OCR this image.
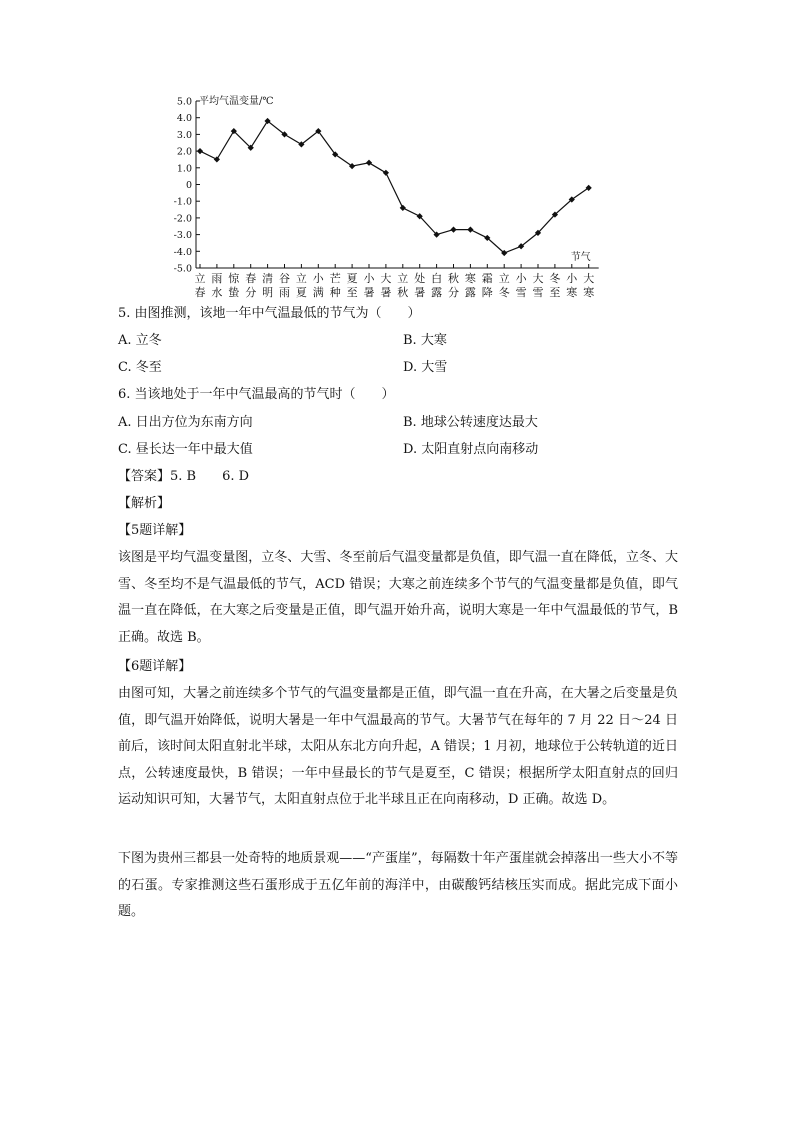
5.0
4.0
3.0
2.0
1.0
0
-1.0
-2.0
-3.0
-4.0
-5.0
立
春
雨
水
惊
蛰
春
分
清
明
谷
雨
立
夏
小
满
芒
种
夏
至
小
暑
大
暑
立
秋
处
暑
白
露
秋
分
寒
露
霜
降
立
冬
小
雪
大
雪
冬
至
小
寒
大
寒
平均气温变量/℃
节气
5. 由图推测，该地一年中气温最低的节气为（　　）
A. 立冬	B. 大寒
C. 冬至	D. 大雪
6. 当该地处于一年中气温最高的节气时（　　）
A. 日出方位为东南方向	B. 地球公转速度达最大
C. 昼长达一年中最大值	D. 太阳直射点向南移动
【答案】5. B　　6. D
【解析】
【5题详解】
该图是平均气温变量图，立冬、大雪、冬至前后气温变量都是负值，即气温一直在降低，立冬、大雪、冬至均不是气温最低的节气，ACD 错误；大寒之前连续多个节气的气温变量都是负值，即气温一直在降低，在大寒之后变量是正值，即气温开始升高，说明大寒是一年中气温最低的节气，B 正确。故选 B。
【6题详解】
由图可知，大暑之前连续多个节气的气温变量都是正值，即气温一直在升高，在大暑之后变量是负值，即气温开始降低，说明大暑是一年中气温最高的节气。大暑节气在每年的 7 月 22 日～24 日前后，该时间太阳直射北半球，太阳从东北方向升起，A 错误；1 月初，地球位于公转轨道的近日点，公转速度最快，B 错误；一年中昼最长的节气是夏至，C 错误；根据所学太阳直射点的回归运动知识可知，大暑节气，太阳直射点位于北半球且正在向南移动，D 正确。故选 D。
下图为贵州三都县一处奇特的地质景观——“产蛋崖”，每隔数十年产蛋崖就会掉落出一些大小不等的石蛋。专家推测这些石蛋形成于五亿年前的海洋中，由碳酸钙结核压实而成。据此完成下面小题。
